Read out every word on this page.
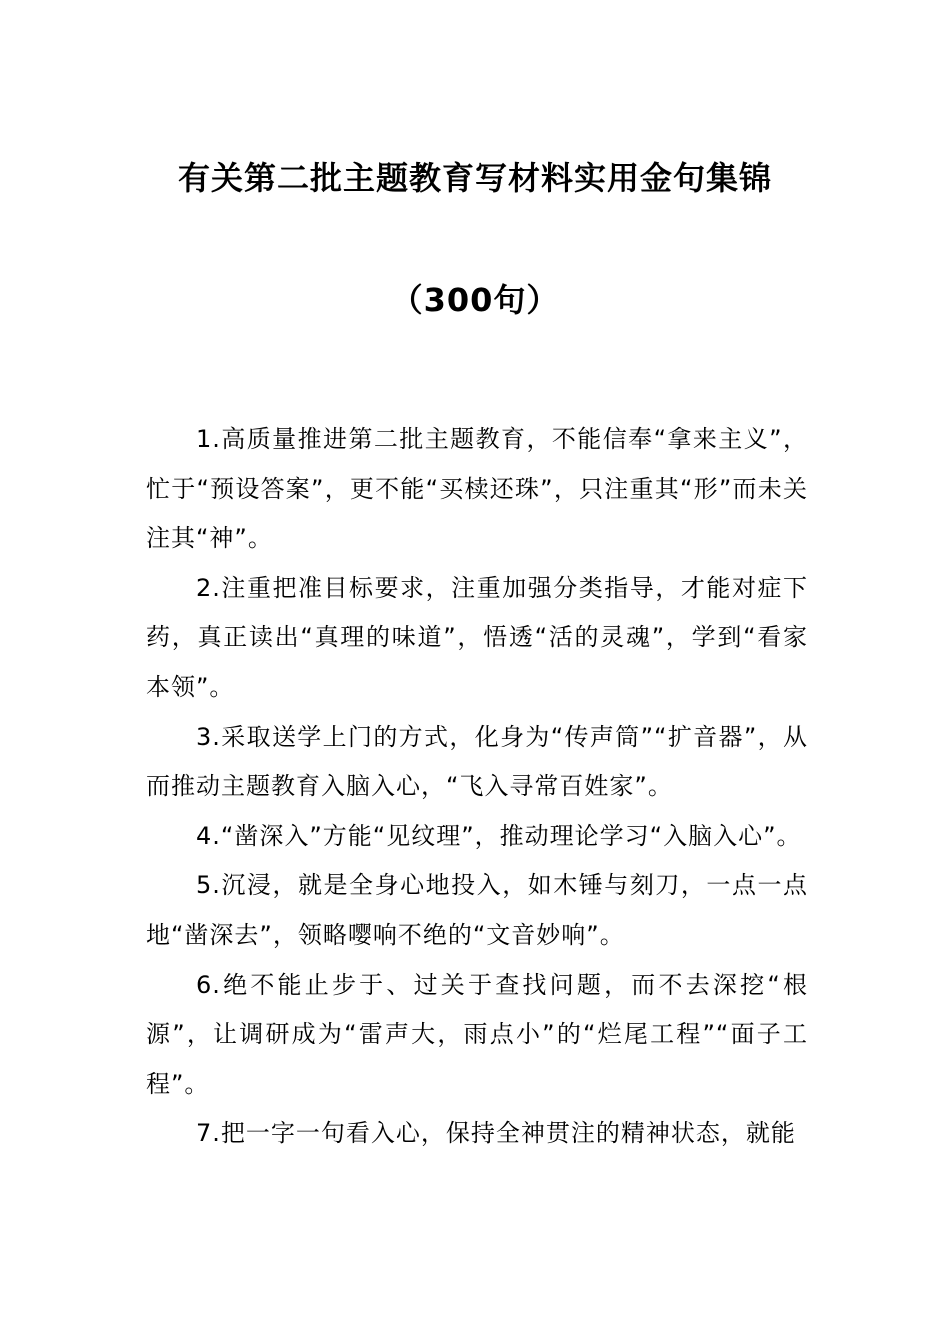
有关第二批主题教育写材料实用金句集锦
（300句）

1.高质量推进第二批主题教育，不能信奉“拿来主义”，忙于“预设答案”，更不能“买椟还珠”，只注重其“形”而未关注其“神”。

2.注重把准目标要求，注重加强分类指导，才能对症下药，真正读出“真理的味道”，悟透“活的灵魂”，学到“看家本领”。

3.采取送学上门的方式，化身为“传声筒”“扩音器”，从而推动主题教育入脑入心，“飞入寻常百姓家”。

4.“凿深入”方能“见纹理”，推动理论学习“入脑入心”。

5.沉浸，就是全身心地投入，如木锤与刻刀，一点一点地“凿深去”，领略嘤响不绝的“文音妙响”。

6.绝不能止步于、过关于查找问题，而不去深挖“根源”，让调研成为“雷声大，雨点小”的“烂尾工程”“面子工程”。

7.把一字一句看入心，保持全神贯注的精神状态，就能
